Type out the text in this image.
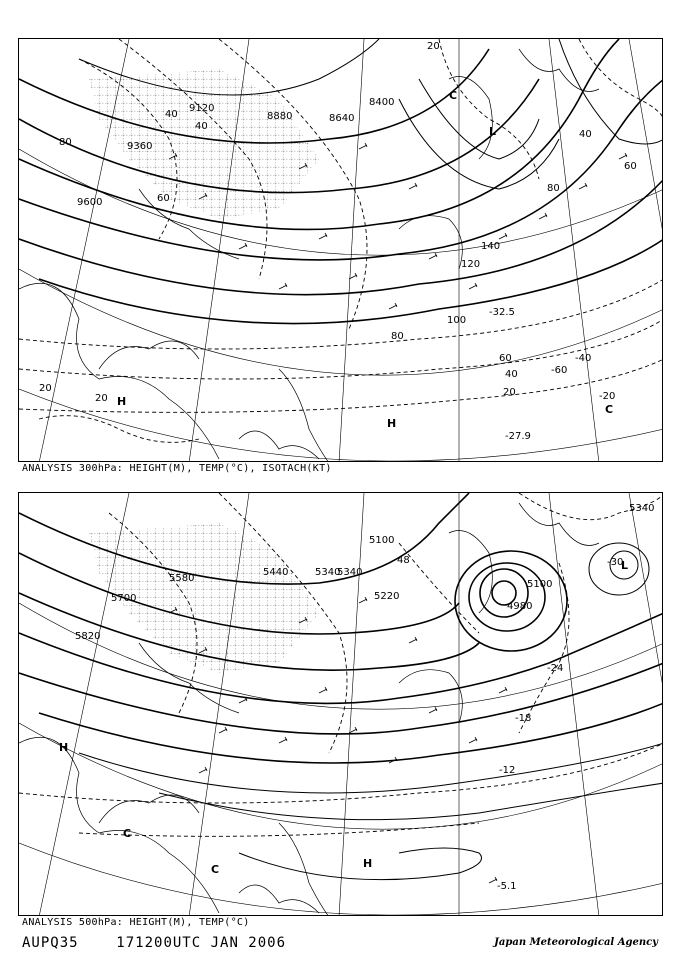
9120
8880	8640
8400
9360
9600
20
40
40
80
60
120
100
140
80
60
40
20
20
20
40
60
80
-32.5
-60
-40
-20
-27.9
H
H
C
C
L
ANALYSIS 300hPa: HEIGHT(M), TEMP(°C), ISOTACH(KT)
5100
5340
5580
5700
5820
5440	5340
5220
4980
5100
5340
48	-30
-24
-18
-12
-5.1
H
H
C
C
L
ANALYSIS 500hPa: HEIGHT(M), TEMP(°C)
AUPQ35	171200UTC JAN 2006	Japan Meteorological Agency
